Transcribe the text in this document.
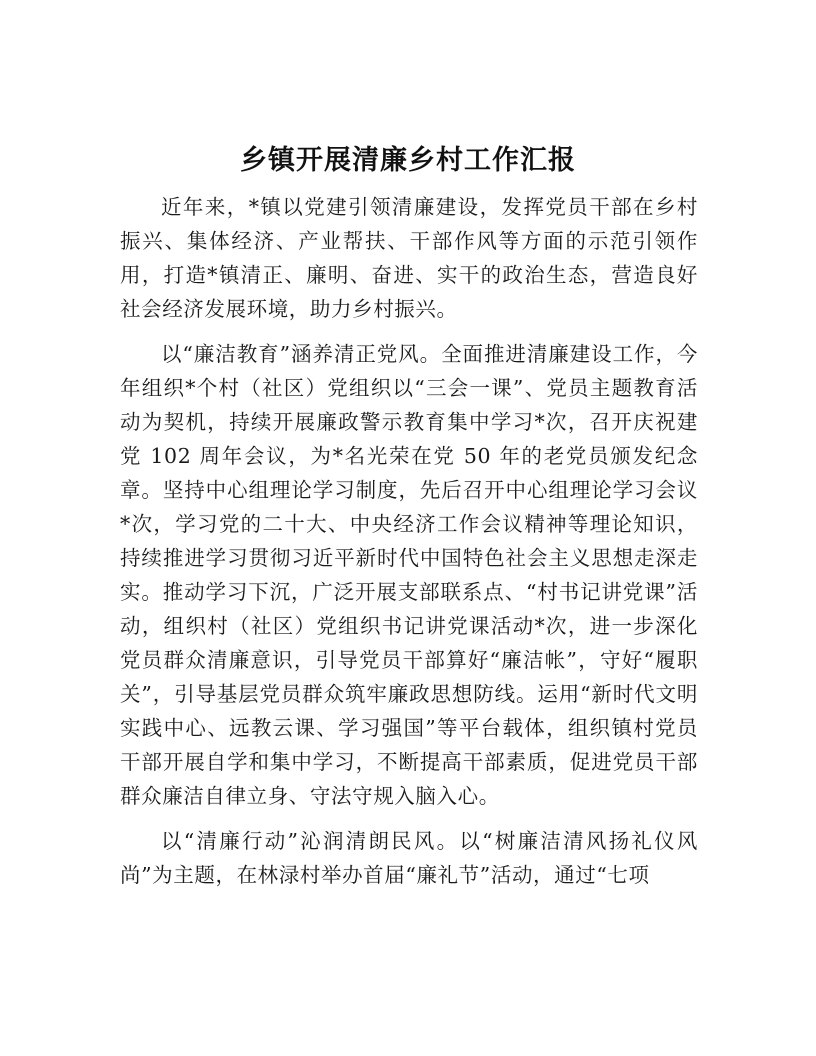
乡镇开展清廉乡村工作汇报

近年来，*镇以党建引领清廉建设，发挥党员干部在乡村振兴、集体经济、产业帮扶、干部作风等方面的示范引领作用，打造*镇清正、廉明、奋进、实干的政治生态，营造良好社会经济发展环境，助力乡村振兴。

以“廉洁教育”涵养清正党风。全面推进清廉建设工作，今年组织*个村（社区）党组织以“三会一课”、党员主题教育活动为契机，持续开展廉政警示教育集中学习*次，召开庆祝建党 102 周年会议，为*名光荣在党 50 年的老党员颁发纪念章。坚持中心组理论学习制度，先后召开中心组理论学习会议*次，学习党的二十大、中央经济工作会议精神等理论知识，持续推进学习贯彻习近平新时代中国特色社会主义思想走深走实。推动学习下沉，广泛开展支部联系点、“村书记讲党课”活动，组织村（社区）党组织书记讲党课活动*次，进一步深化党员群众清廉意识，引导党员干部算好“廉洁帐”，守好“履职关”，引导基层党员群众筑牢廉政思想防线。运用“新时代文明实践中心、远教云课、学习强国”等平台载体，组织镇村党员干部开展自学和集中学习，不断提高干部素质，促进党员干部群众廉洁自律立身、守法守规入脑入心。

以“清廉行动”沁润清朗民风。以“树廉洁清风扬礼仪风尚”为主题，在林渌村举办首届“廉礼节”活动，通过“七项
